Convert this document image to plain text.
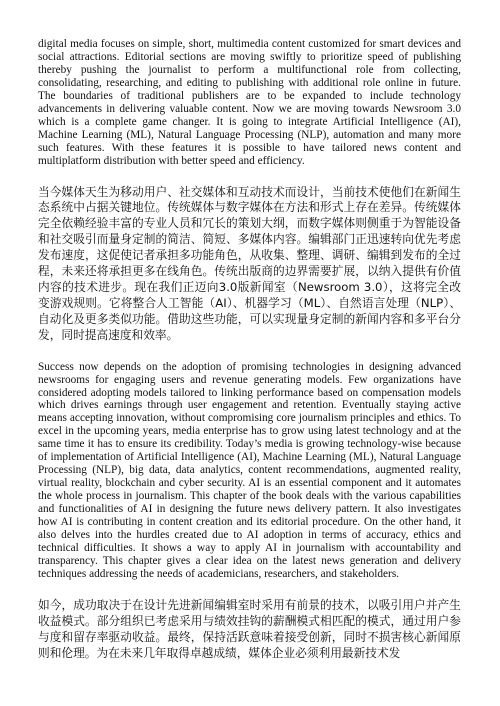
digital media focuses on simple, short, multimedia content customized for smart devices and social attractions. Editorial sections are moving swiftly to prioritize speed of publishing thereby pushing the journalist to perform a multifunctional role from collecting, consolidating, researching, and editing to publishing with additional role online in future. The boundaries of traditional publishers are to be expanded to include technology advancements in delivering valuable content. Now we are moving towards Newsroom 3.0 which is a complete game changer. It is going to integrate Artificial Intelligence (AI), Machine Learning (ML), Natural Language Processing (NLP), automation and many more such features. With these features it is possible to have tailored news content and multiplatform distribution with better speed and efficiency.

当今媒体天生为移动用户、社交媒体和互动技术而设计，当前技术使他们在新闻生态系统中占据关键地位。传统媒体与数字媒体在方法和形式上存在差异。传统媒体完全依赖经验丰富的专业人员和冗长的策划大纲，而数字媒体则侧重于为智能设备和社交吸引而量身定制的简洁、简短、多媒体内容。编辑部门正迅速转向优先考虑发布速度，这促使记者承担多功能角色，从收集、整理、调研、编辑到发布的全过程，未来还将承担更多在线角色。传统出版商的边界需要扩展，以纳入提供有价值内容的技术进步。现在我们正迈向3.0版新闻室（Newsroom 3.0），这将完全改变游戏规则。它将整合人工智能（AI）、机器学习（ML）、自然语言处理（NLP）、自动化及更多类似功能。借助这些功能，可以实现量身定制的新闻内容和多平台分发，同时提高速度和效率。

Success now depends on the adoption of promising technologies in designing advanced newsrooms for engaging users and revenue generating models. Few organizations have considered adopting models tailored to linking performance based on compensation models which drives earnings through user engagement and retention. Eventually staying active means accepting innovation, without compromising core journalism principles and ethics. To excel in the upcoming years, media enterprise has to grow using latest technology and at the same time it has to ensure its credibility. Today’s media is growing technology-wise because of implementation of Artificial Intelligence (AI), Machine Learning (ML), Natural Language Processing (NLP), big data, data analytics, content recommendations, augmented reality, virtual reality, blockchain and cyber security. AI is an essential component and it automates the whole process in journalism. This chapter of the book deals with the various capabilities and functionalities of AI in designing the future news delivery pattern. It also investigates how AI is contributing in content creation and its editorial procedure. On the other hand, it also delves into the hurdles created due to AI adoption in terms of accuracy, ethics and technical difficulties. It shows a way to apply AI in journalism with accountability and transparency. This chapter gives a clear idea on the latest news generation and delivery techniques addressing the needs of academicians, researchers, and stakeholders.

如今，成功取决于在设计先进新闻编辑室时采用有前景的技术，以吸引用户并产生收益模式。部分组织已考虑采用与绩效挂钩的薪酬模式相匹配的模式，通过用户参与度和留存率驱动收益。最终，保持活跃意味着接受创新，同时不损害核心新闻原则和伦理。为在未来几年取得卓越成绩，媒体企业必须利用最新技术发
